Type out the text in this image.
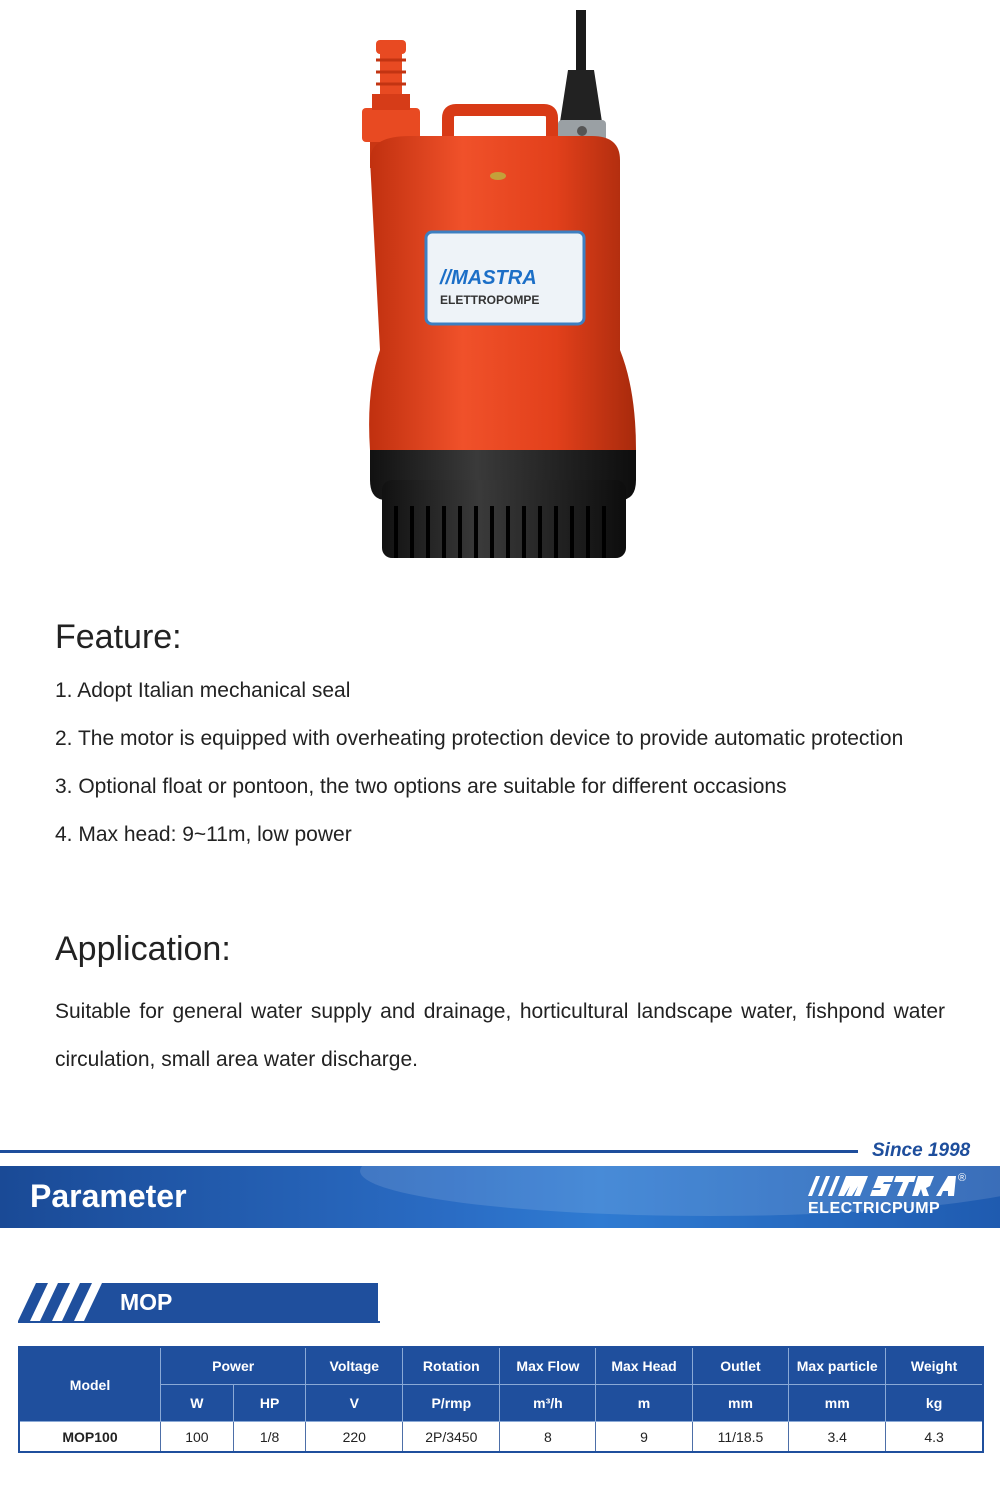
//MASTRA
ELETTROPOMPE
Feature:
1. Adopt Italian mechanical seal
2. The motor is equipped with overheating protection device to provide automatic protection
3. Optional float or pontoon, the two options are suitable for different occasions
4. Max head: 9~11m, low power
Application:

Suitable for general water supply and drainage, horticultural landscape water, fishpond water circulation, small area water discharge.

Since 1998
Parameter	®
ELECTRICPUMP
MOP
Model	Power		Voltage	Rotation	Max Flow	Max Head	Outlet	Max particle	Weight
	W	HP	V	P/rmp	m³/h	m	mm	mm	kg
MOP100	100	1/8	220	2P/3450	8	9	11/18.5	3.4	4.3
